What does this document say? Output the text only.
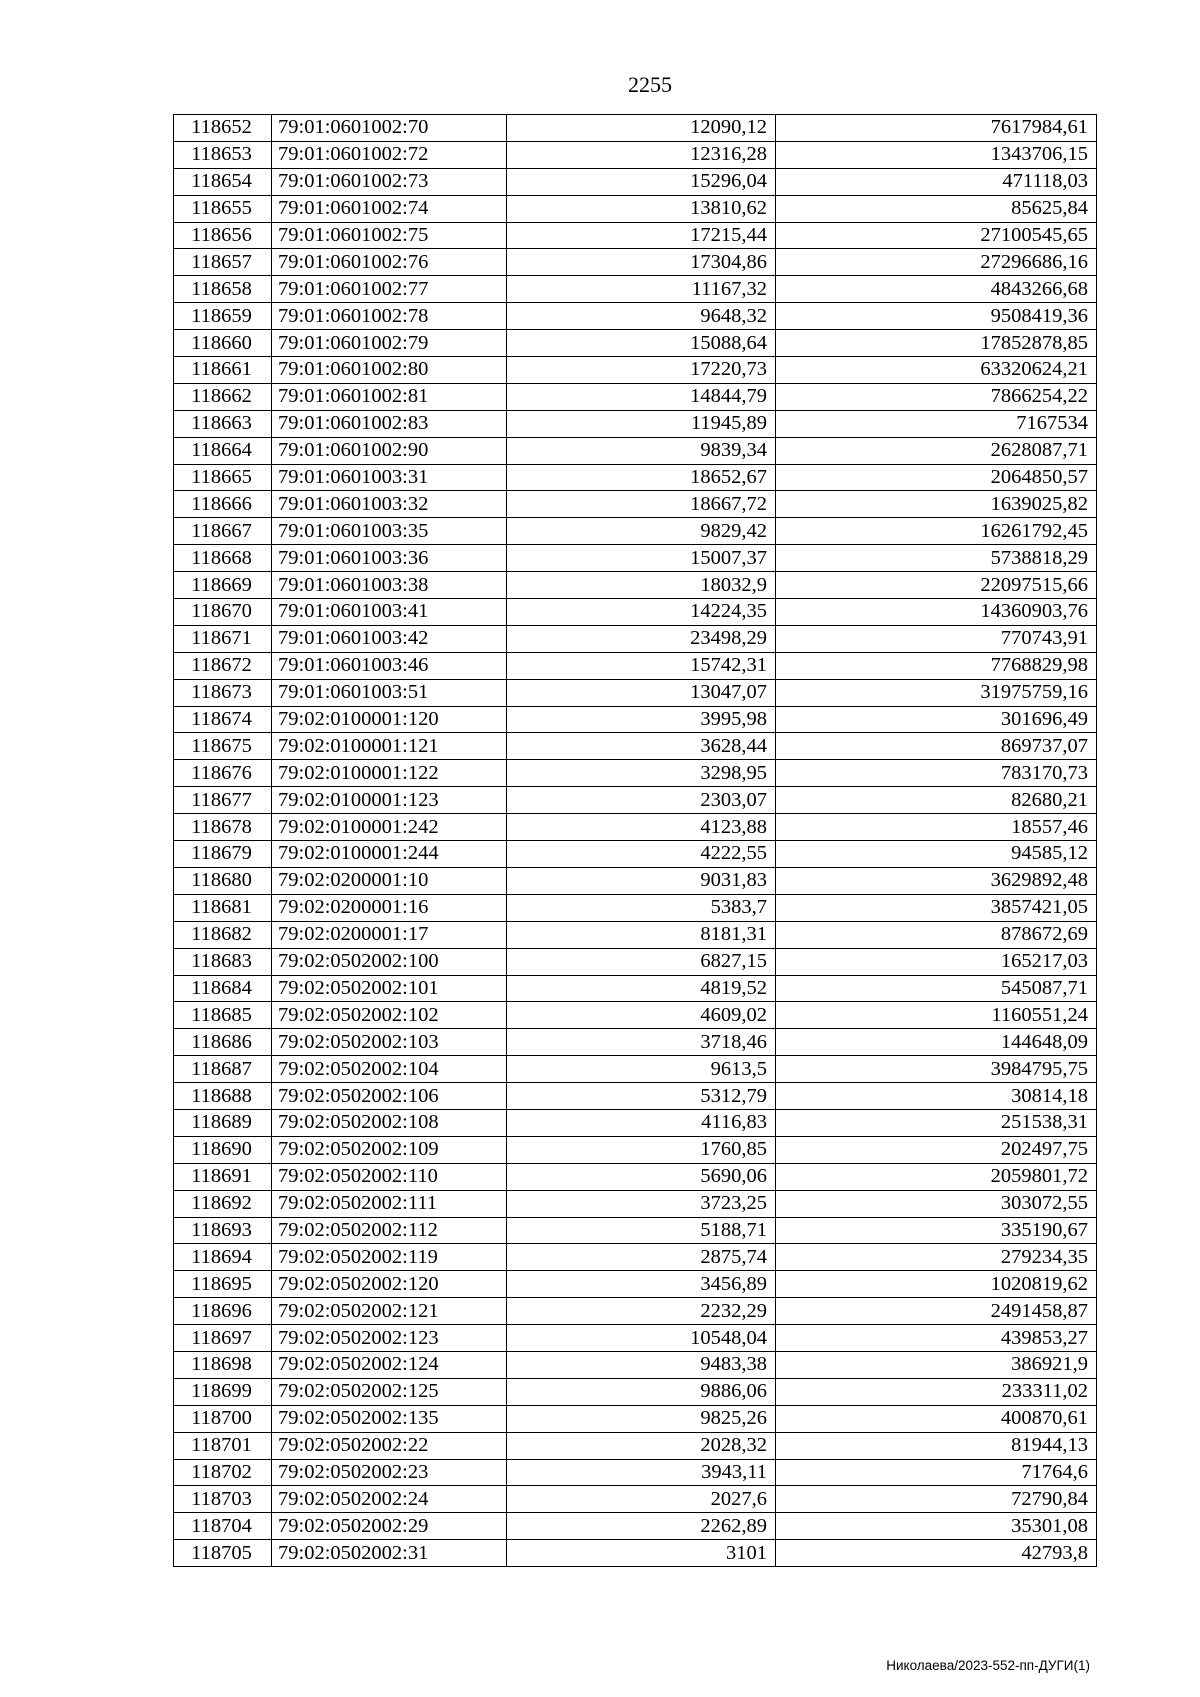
2255
118652	79:01:0601002:70	12090,12	7617984,61
118653	79:01:0601002:72	12316,28	1343706,15
118654	79:01:0601002:73	15296,04	471118,03
118655	79:01:0601002:74	13810,62	85625,84
118656	79:01:0601002:75	17215,44	27100545,65
118657	79:01:0601002:76	17304,86	27296686,16
118658	79:01:0601002:77	11167,32	4843266,68
118659	79:01:0601002:78	9648,32	9508419,36
118660	79:01:0601002:79	15088,64	17852878,85
118661	79:01:0601002:80	17220,73	63320624,21
118662	79:01:0601002:81	14844,79	7866254,22
118663	79:01:0601002:83	11945,89	7167534
118664	79:01:0601002:90	9839,34	2628087,71
118665	79:01:0601003:31	18652,67	2064850,57
118666	79:01:0601003:32	18667,72	1639025,82
118667	79:01:0601003:35	9829,42	16261792,45
118668	79:01:0601003:36	15007,37	5738818,29
118669	79:01:0601003:38	18032,9	22097515,66
118670	79:01:0601003:41	14224,35	14360903,76
118671	79:01:0601003:42	23498,29	770743,91
118672	79:01:0601003:46	15742,31	7768829,98
118673	79:01:0601003:51	13047,07	31975759,16
118674	79:02:0100001:120	3995,98	301696,49
118675	79:02:0100001:121	3628,44	869737,07
118676	79:02:0100001:122	3298,95	783170,73
118677	79:02:0100001:123	2303,07	82680,21
118678	79:02:0100001:242	4123,88	18557,46
118679	79:02:0100001:244	4222,55	94585,12
118680	79:02:0200001:10	9031,83	3629892,48
118681	79:02:0200001:16	5383,7	3857421,05
118682	79:02:0200001:17	8181,31	878672,69
118683	79:02:0502002:100	6827,15	165217,03
118684	79:02:0502002:101	4819,52	545087,71
118685	79:02:0502002:102	4609,02	1160551,24
118686	79:02:0502002:103	3718,46	144648,09
118687	79:02:0502002:104	9613,5	3984795,75
118688	79:02:0502002:106	5312,79	30814,18
118689	79:02:0502002:108	4116,83	251538,31
118690	79:02:0502002:109	1760,85	202497,75
118691	79:02:0502002:110	5690,06	2059801,72
118692	79:02:0502002:111	3723,25	303072,55
118693	79:02:0502002:112	5188,71	335190,67
118694	79:02:0502002:119	2875,74	279234,35
118695	79:02:0502002:120	3456,89	1020819,62
118696	79:02:0502002:121	2232,29	2491458,87
118697	79:02:0502002:123	10548,04	439853,27
118698	79:02:0502002:124	9483,38	386921,9
118699	79:02:0502002:125	9886,06	233311,02
118700	79:02:0502002:135	9825,26	400870,61
118701	79:02:0502002:22	2028,32	81944,13
118702	79:02:0502002:23	3943,11	71764,6
118703	79:02:0502002:24	2027,6	72790,84
118704	79:02:0502002:29	2262,89	35301,08
118705	79:02:0502002:31	3101	42793,8
Николаева/2023-552-пп-ДУГИ(1)
